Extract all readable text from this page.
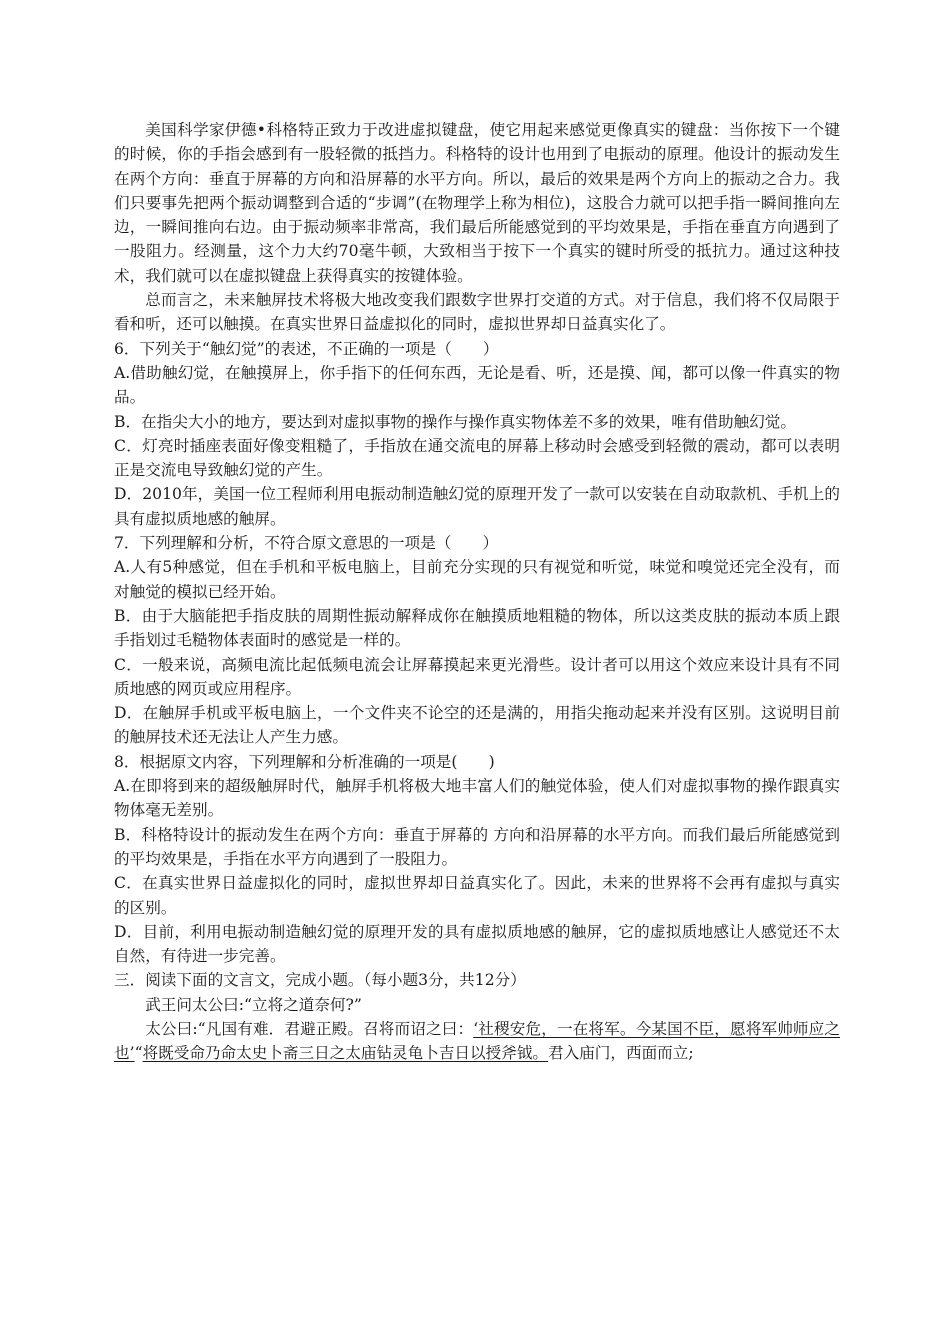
美国科学家伊德•科格特正致力于改进虚拟键盘，使它用起来感觉更像真实的键盘：当你按下一个键的时候，你的手指会感到有一股轻微的抵挡力。科格特的设计也用到了电振动的原理。他设计的振动发生在两个方向：垂直于屏幕的方向和沿屏幕的水平方向。所以，最后的效果是两个方向上的振动之合力。我们只要事先把两个振动调整到合适的“步调”(在物理学上称为相位)，这股合力就可以把手指一瞬间推向左边，一瞬间推向右边。由于振动频率非常高，我们最后所能感觉到的平均效果是，手指在垂直方向遇到了一股阻力。经测量，这个力大约70毫牛顿，大致相当于按下一个真实的键时所受的抵抗力。通过这种技术，我们就可以在虚拟键盘上获得真实的按键体验。

总而言之，未来触屏技术将极大地改变我们跟数字世界打交道的方式。对于信息，我们将不仅局限于看和听，还可以触摸。在真实世界日益虚拟化的同时，虚拟世界却日益真实化了。

6．下列关于“触幻觉”的表述，不正确的一项是（　　）

A.借助触幻觉，在触摸屏上，你手指下的任何东西，无论是看、听，还是摸、闻，都可以像一件真实的物品。

B．在指尖大小的地方，要达到对虚拟事物的操作与操作真实物体差不多的效果，唯有借助触幻觉。

C．灯亮时插座表面好像变粗糙了，手指放在通交流电的屏幕上移动时会感受到轻微的震动，都可以表明正是交流电导致触幻觉的产生。

D．2010年，美国一位工程师利用电振动制造触幻觉的原理开发了一款可以安装在自动取款机、手机上的具有虚拟质地感的触屏。

7．下列理解和分析，不符合原文意思的一项是（　　）

A.人有5种感觉，但在手机和平板电脑上，目前充分实现的只有视觉和听觉，味觉和嗅觉还完全没有，而对触觉的模拟已经开始。

B．由于大脑能把手指皮肤的周期性振动解释成你在触摸质地粗糙的物体，所以这类皮肤的振动本质上跟手指划过毛糙物体表面时的感觉是一样的。

C．一般来说，高频电流比起低频电流会让屏幕摸起来更光滑些。设计者可以用这个效应来设计具有不同质地感的网页或应用程序。

D．在触屏手机或平板电脑上，一个文件夹不论空的还是满的，用指尖拖动起来并没有区别。这说明目前的触屏技术还无法让人产生力感。

8．根据原文内容，下列理解和分析准确的一项是(　　)

A.在即将到来的超级触屏时代，触屏手机将极大地丰富人们的触觉体验，使人们对虚拟事物的操作跟真实物体毫无差别。

B．科格特设计的振动发生在两个方向：垂直于屏幕的 方向和沿屏幕的水平方向。而我们最后所能感觉到的平均效果是，手指在水平方向遇到了一股阻力。

C．在真实世界日益虚拟化的同时，虚拟世界却日益真实化了。因此，未来的世界将不会再有虚拟与真实的区别。

D．目前，利用电振动制造触幻觉的原理开发的具有虚拟质地感的触屏，它的虚拟质地感让人感觉还不太自然，有待进一步完善。

三．阅读下面的文言文，完成小题。（每小题3分，共12分）

武王问太公曰:“立将之道奈何?”

太公曰:“凡国有难．君避正殿。召将而诏之曰：‘社稷安危，一在将军。今某国不臣，愿将军帅师应之也’“将既受命乃命太史卜斋三日之太庙钻灵龟卜吉日以授斧钺。君入庙门，西面而立;
